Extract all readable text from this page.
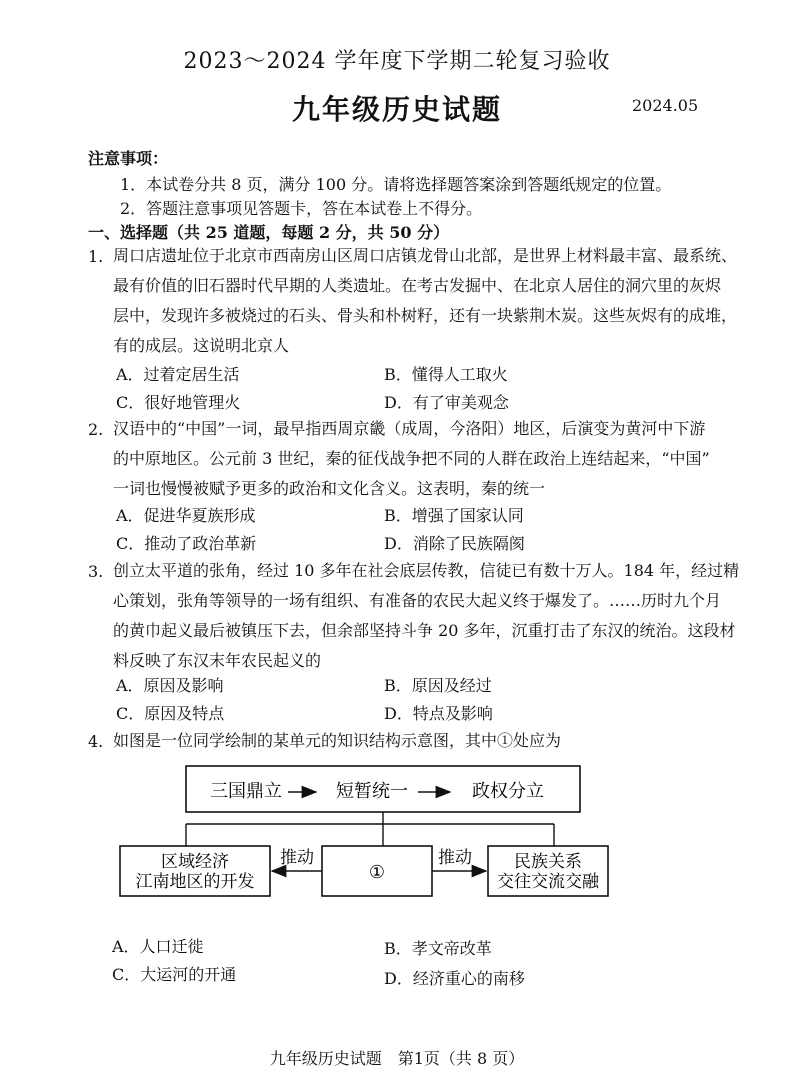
2023～2024 学年度下学期二轮复习验收
九年级历史试题	2024.05
注意事项：
1．本试卷分共 8 页，满分 100 分。请将选择题答案涂到答题纸规定的位置。
2．答题注意事项见答题卡，答在本试卷上不得分。
一、选择题（共 25 道题，每题 2 分，共 50 分）
1. 周口店遗址位于北京市西南房山区周口店镇龙骨山北部，是世界上材料最丰富、最系统、
最有价值的旧石器时代早期的人类遗址。在考古发掘中、在北京人居住的洞穴里的灰烬
层中，发现许多被烧过的石头、骨头和朴树籽，还有一块紫荆木炭。这些灰烬有的成堆，
有的成层。这说明北京人
A．过着定居生活	B．懂得人工取火
C．很好地管理火	D．有了审美观念
2. 汉语中的“中国”一词，最早指西周京畿（成周，今洛阳）地区，后演变为黄河中下游
的中原地区。公元前 3 世纪，秦的征伐战争把不同的人群在政治上连结起来，“中国”
一词也慢慢被赋予更多的政治和文化含义。这表明，秦的统一
A．促进华夏族形成	B．增强了国家认同
C．推动了政治革新	D．消除了民族隔阂
3. 创立太平道的张角，经过 10 多年在社会底层传教，信徒已有数十万人。184 年，经过精
心策划，张角等领导的一场有组织、有准备的农民大起义终于爆发了。……历时九个月
的黄巾起义最后被镇压下去，但余部坚持斗争 20 多年，沉重打击了东汉的统治。这段材
料反映了东汉末年农民起义的
A．原因及影响	B．原因及经过
C．原因及特点	D．特点及影响
4. 如图是一位同学绘制的某单元的知识结构示意图，其中①处应为
三国鼎立	短暂统一	政权分立
区域经济
江南地区的开发	①	民族关系
交往交流交融
推动	推动
A．人口迁徙	B．孝文帝改革
C．大运河的开通	D．经济重心的南移
九年级历史试题　第1页（共 8 页）
